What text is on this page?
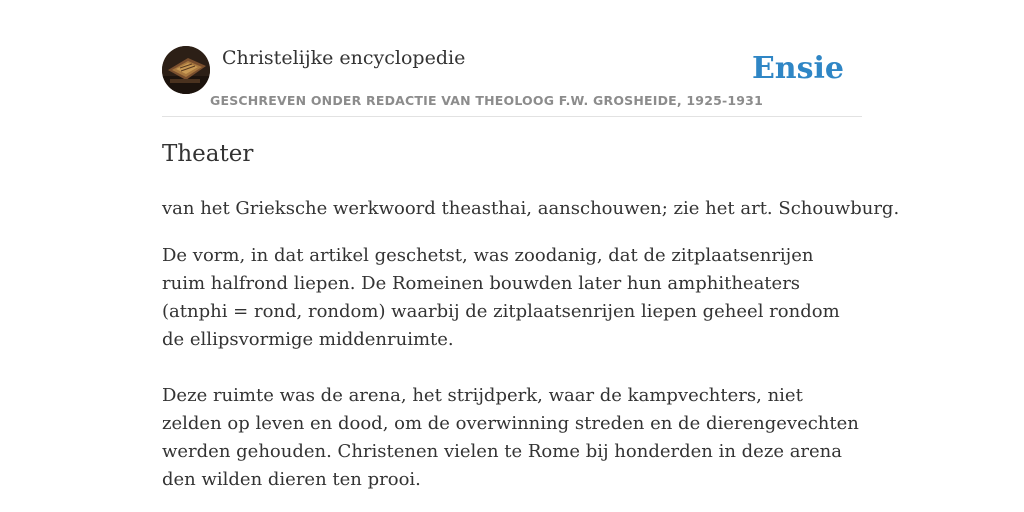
Christelijke encyclopedie
GESCHREVEN ONDER REDACTIE VAN THEOLOOG F.W. GROSHEIDE, 1925-1931
Ensie
Theater

van het Grieksche werkwoord theasthai, aanschouwen; zie het art. Schouwburg.

De vorm, in dat artikel geschetst, was zoodanig, dat de zitplaatsenrijen ruim halfrond liepen. De Romeinen bouwden later hun amphitheaters (atnphi = rond, rondom) waarbij de zitplaatsenrijen liepen geheel rondom de ellipsvormige middenruimte.

Deze ruimte was de arena, het strijdperk, waar de kampvechters, niet zelden op leven en dood, om de overwinning streden en de dierengevechten werden gehouden. Christenen vielen te Rome bij honderden in deze arena den wilden dieren ten prooi.
